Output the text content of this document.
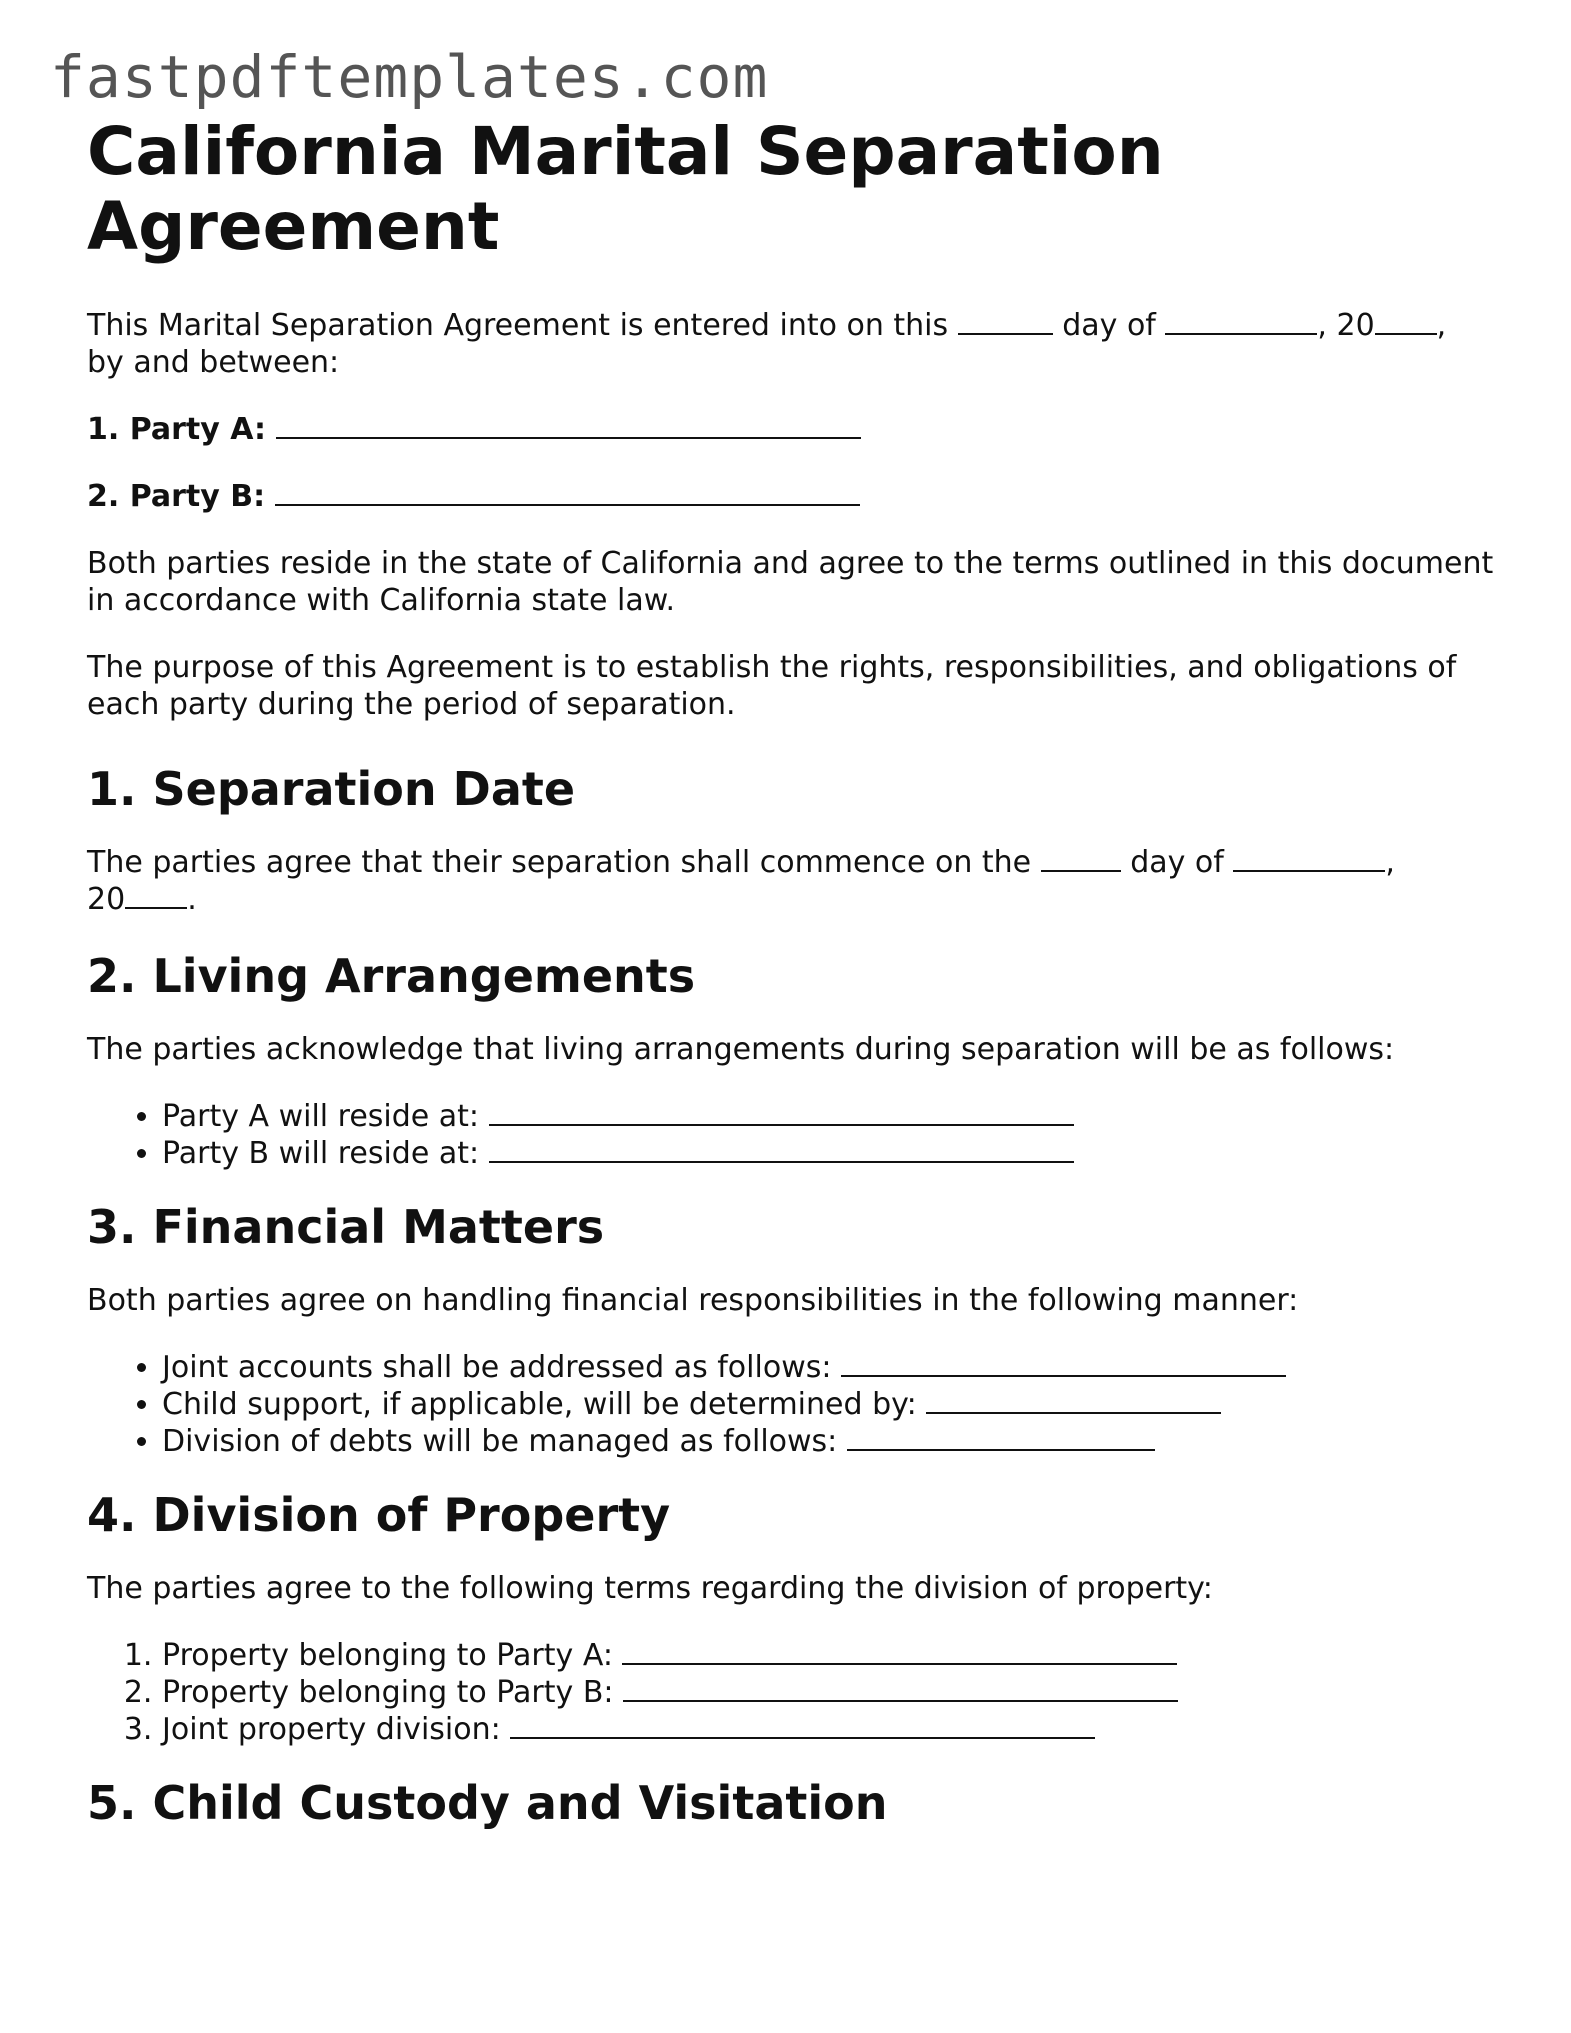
fastpdftemplates.com
California Marital Separation Agreement

This Marital Separation Agreement is entered into on this	day of	, 20 ,
by and between:

1. Party A:

2. Party B:

Both parties reside in the state of California and agree to the terms outlined in this document in accordance with California state law.

The purpose of this Agreement is to establish the rights, responsibilities, and obligations of each party during the period of separation.

1. Separation Date

The parties agree that their separation shall commence on the	day of	,
20 .

2. Living Arrangements

The parties acknowledge that living arrangements during separation will be as follows:

• Party A will reside at:
• Party B will reside at:
3. Financial Matters

Both parties agree on handling financial responsibilities in the following manner:

• Joint accounts shall be addressed as follows:
• Child support, if applicable, will be determined by:
• Division of debts will be managed as follows:
4. Division of Property

The parties agree to the following terms regarding the division of property:

1. Property belonging to Party A:
2. Property belonging to Party B:
3. Joint property division:
5. Child Custody and Visitation
